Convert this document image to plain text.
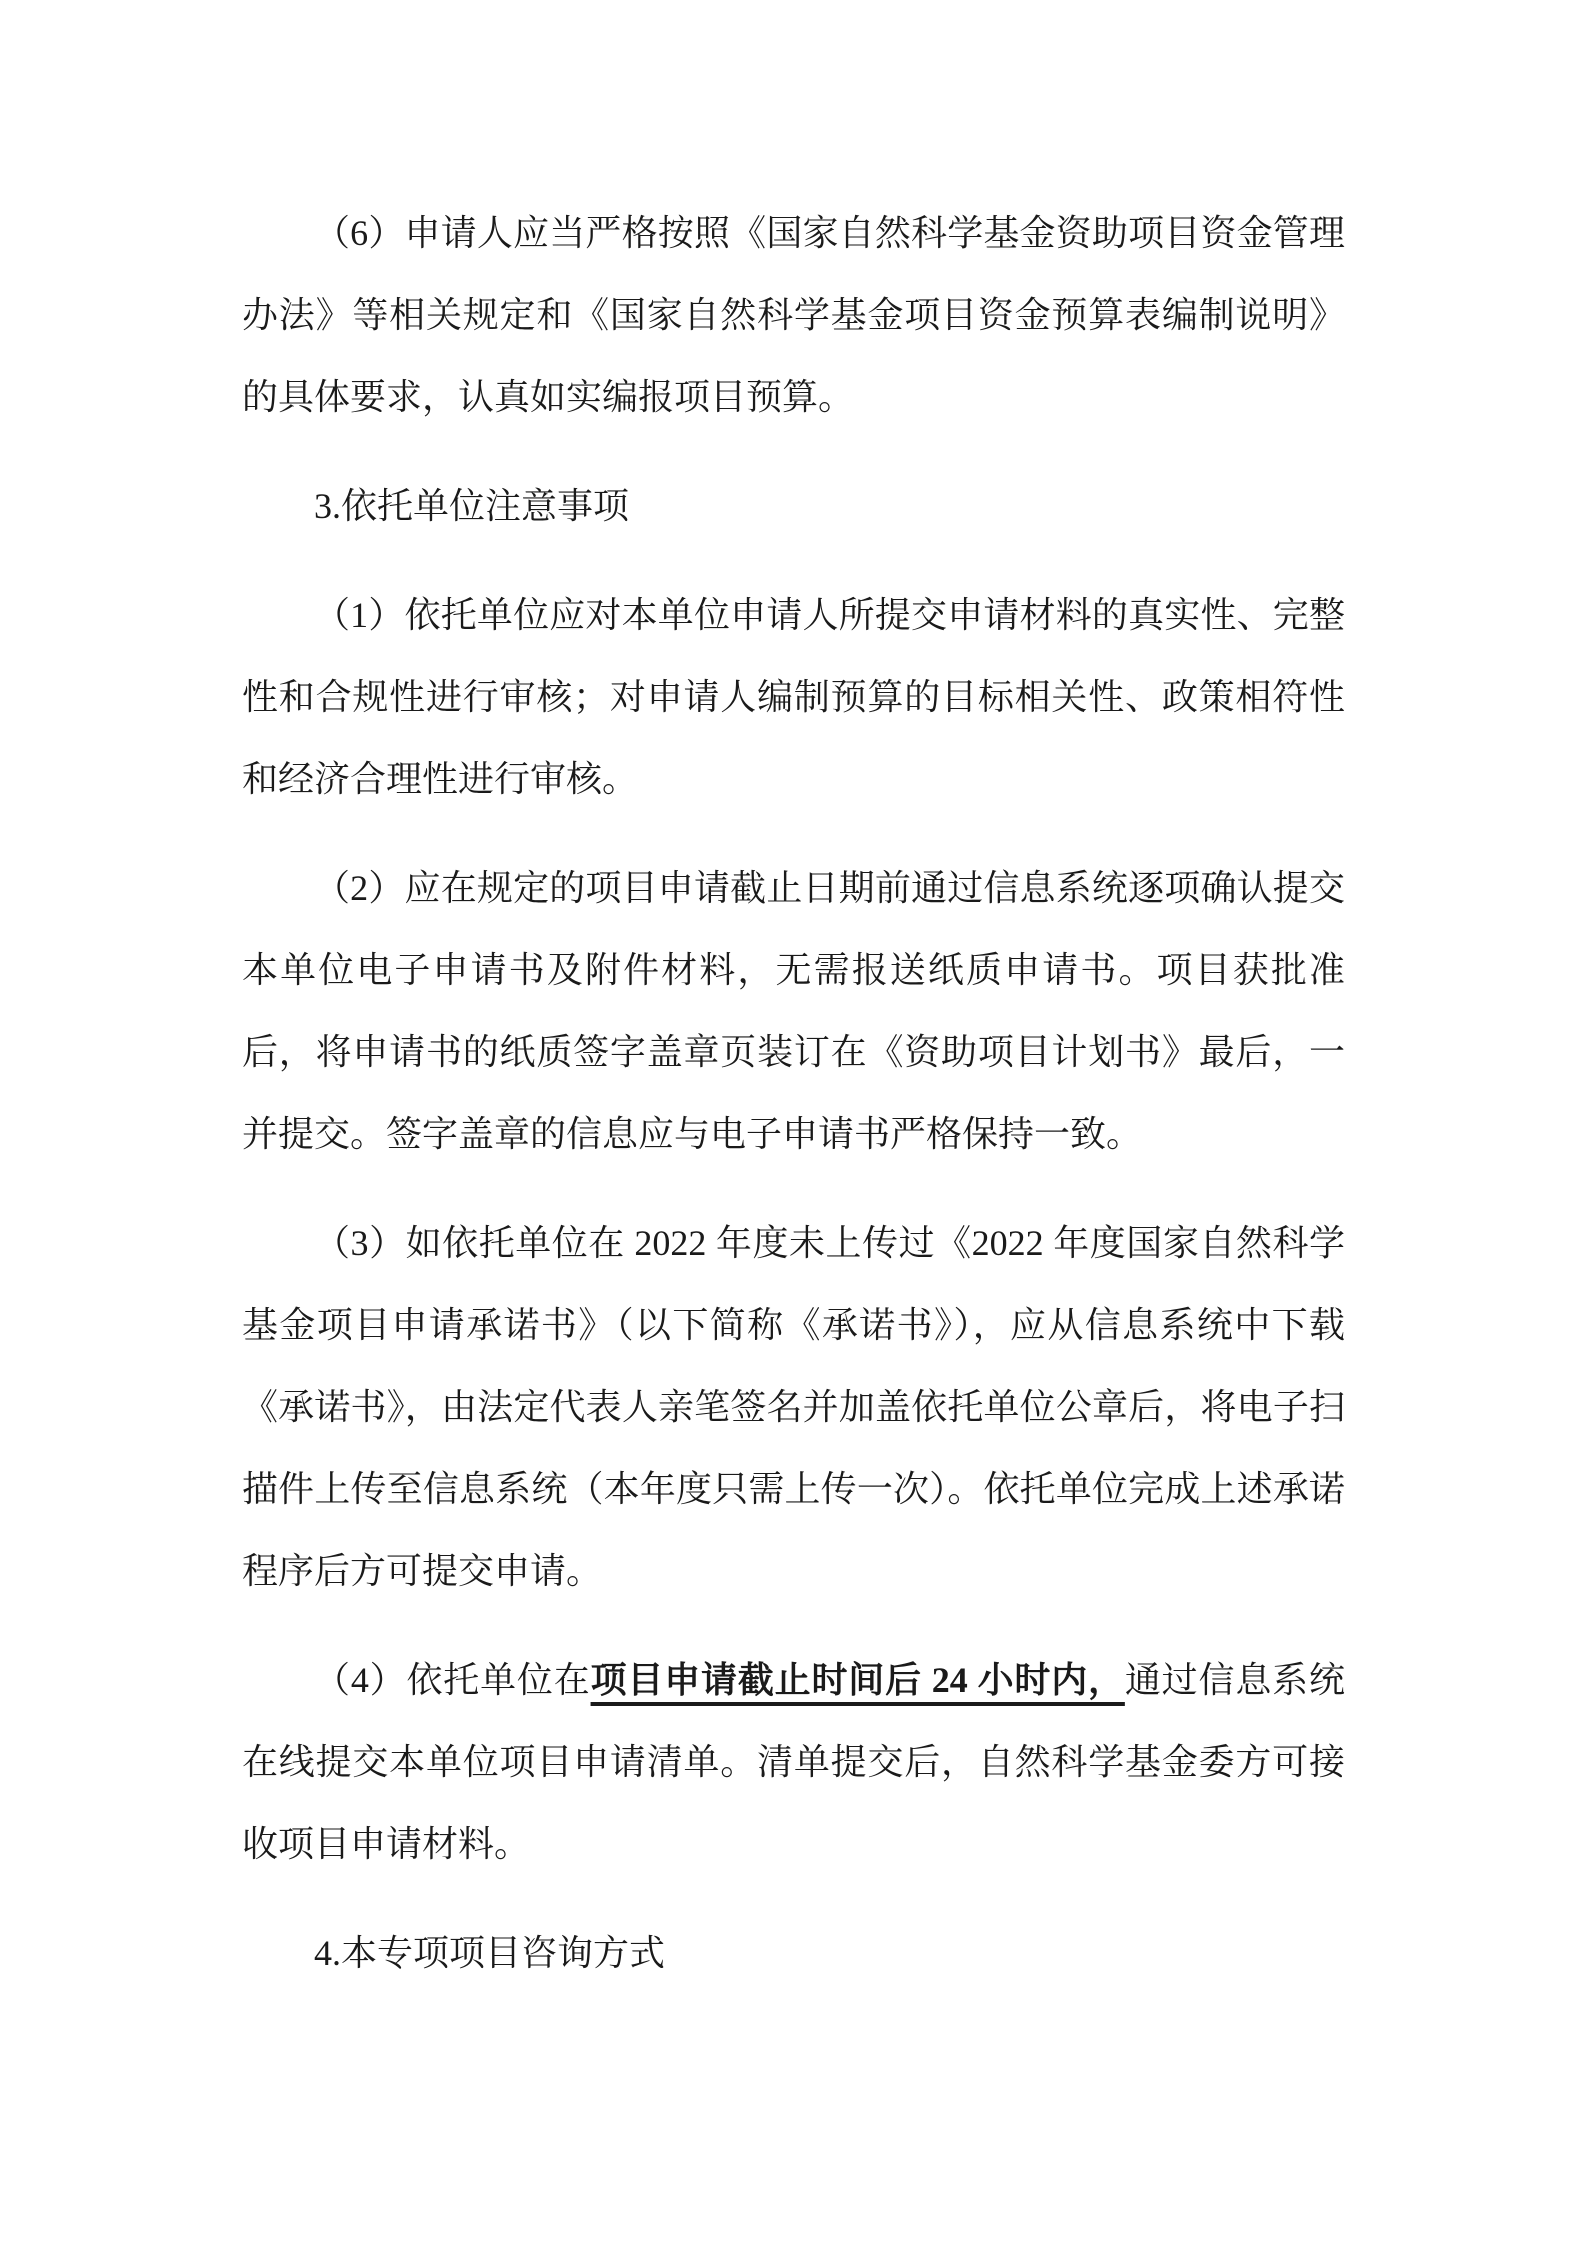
（6）申请人应当严格按照《国家自然科学基金资助项目资金管理办法》等相关规定和《国家自然科学基金项目资金预算表编制说明》的具体要求，认真如实编报项目预算。

3.依托单位注意事项

（1）依托单位应对本单位申请人所提交申请材料的真实性、完整性和合规性进行审核；对申请人编制预算的目标相关性、政策相符性和经济合理性进行审核。

（2）应在规定的项目申请截止日期前通过信息系统逐项确认提交本单位电子申请书及附件材料，无需报送纸质申请书。项目获批准后，将申请书的纸质签字盖章页装订在《资助项目计划书》最后，一并提交。签字盖章的信息应与电子申请书严格保持一致。

（3）如依托单位在 2022 年度未上传过《2022 年度国家自然科学基金项目申请承诺书》（以下简称《承诺书》），应从信息系统中下载《承诺书》，由法定代表人亲笔签名并加盖依托单位公章后，将电子扫描件上传至信息系统（本年度只需上传一次）。依托单位完成上述承诺程序后方可提交申请。

（4）依托单位在项目申请截止时间后 24 小时内，通过信息系统在线提交本单位项目申请清单。清单提交后，自然科学基金委方可接收项目申请材料。

4.本专项项目咨询方式
